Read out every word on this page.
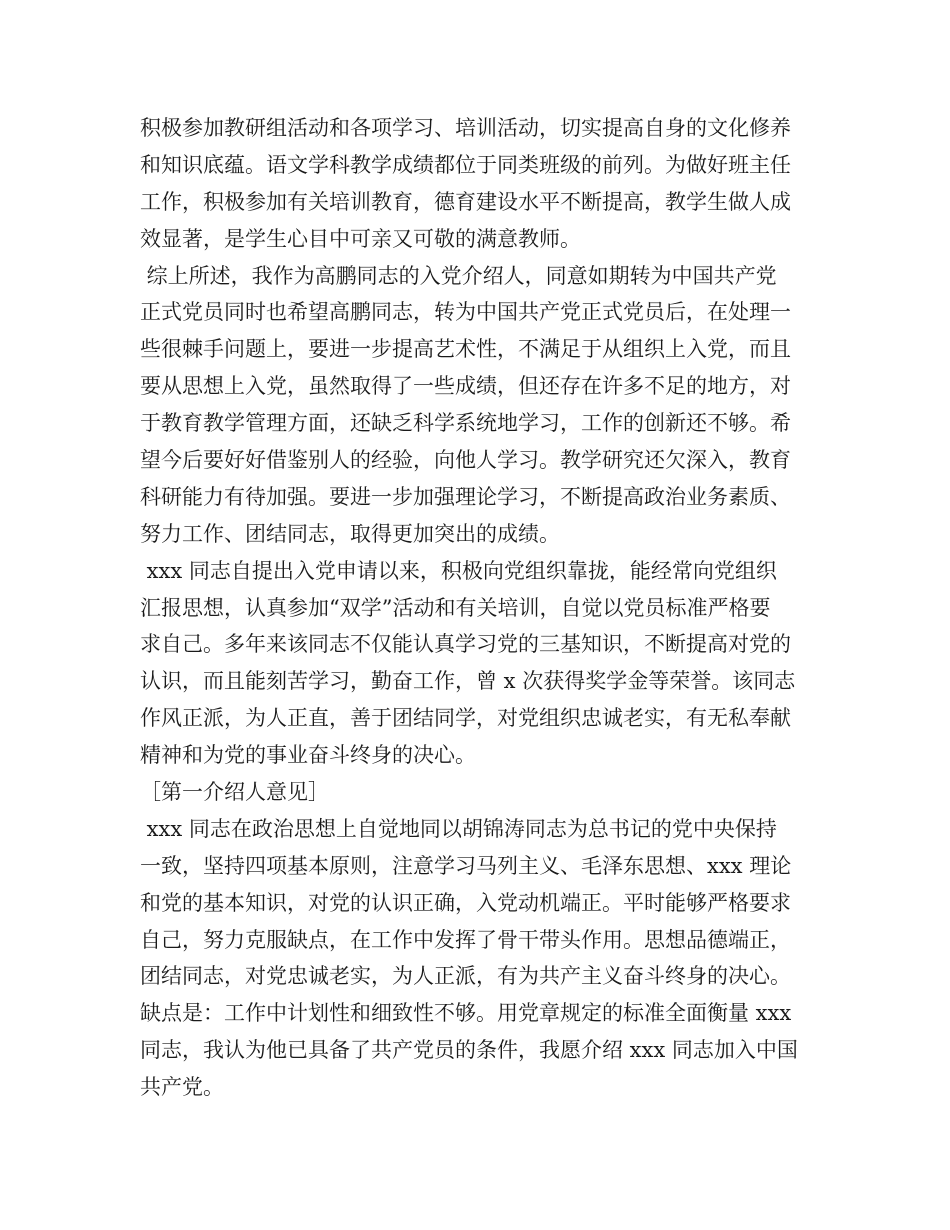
积极参加教研组活动和各项学习、培训活动，切实提高自身的文化修养
和知识底蕴。语文学科教学成绩都位于同类班级的前列。为做好班主任
工作，积极参加有关培训教育，德育建设水平不断提高，教学生做人成
效显著，是学生心目中可亲又可敬的满意教师。
综上所述，我作为高鹏同志的入党介绍人，同意如期转为中国共产党
正式党员同时也希望高鹏同志，转为中国共产党正式党员后，在处理一
些很棘手问题上，要进一步提高艺术性，不满足于从组织上入党，而且
要从思想上入党，虽然取得了一些成绩，但还存在许多不足的地方，对
于教育教学管理方面，还缺乏科学系统地学习，工作的创新还不够。希
望今后要好好借鉴别人的经验，向他人学习。教学研究还欠深入，教育
科研能力有待加强。要进一步加强理论学习，不断提高政治业务素质、
努力工作、团结同志，取得更加突出的成绩。
xxx 同志自提出入党申请以来，积极向党组织靠拢，能经常向党组织
汇报思想，认真参加“双学”活动和有关培训，自觉以党员标准严格要
求自己。多年来该同志不仅能认真学习党的三基知识，不断提高对党的
认识，而且能刻苦学习，勤奋工作，曾 x 次获得奖学金等荣誉。该同志
作风正派，为人正直，善于团结同学，对党组织忠诚老实，有无私奉献
精神和为党的事业奋斗终身的决心。
［第一介绍人意见］
xxx 同志在政治思想上自觉地同以胡锦涛同志为总书记的党中央保持
一致，坚持四项基本原则，注意学习马列主义、毛泽东思想、xxx 理论
和党的基本知识，对党的认识正确，入党动机端正。平时能够严格要求
自己，努力克服缺点，在工作中发挥了骨干带头作用。思想品德端正，
团结同志，对党忠诚老实，为人正派，有为共产主义奋斗终身的决心。
缺点是：工作中计划性和细致性不够。用党章规定的标准全面衡量 xxx
同志，我认为他已具备了共产党员的条件，我愿介绍 xxx 同志加入中国
共产党。
